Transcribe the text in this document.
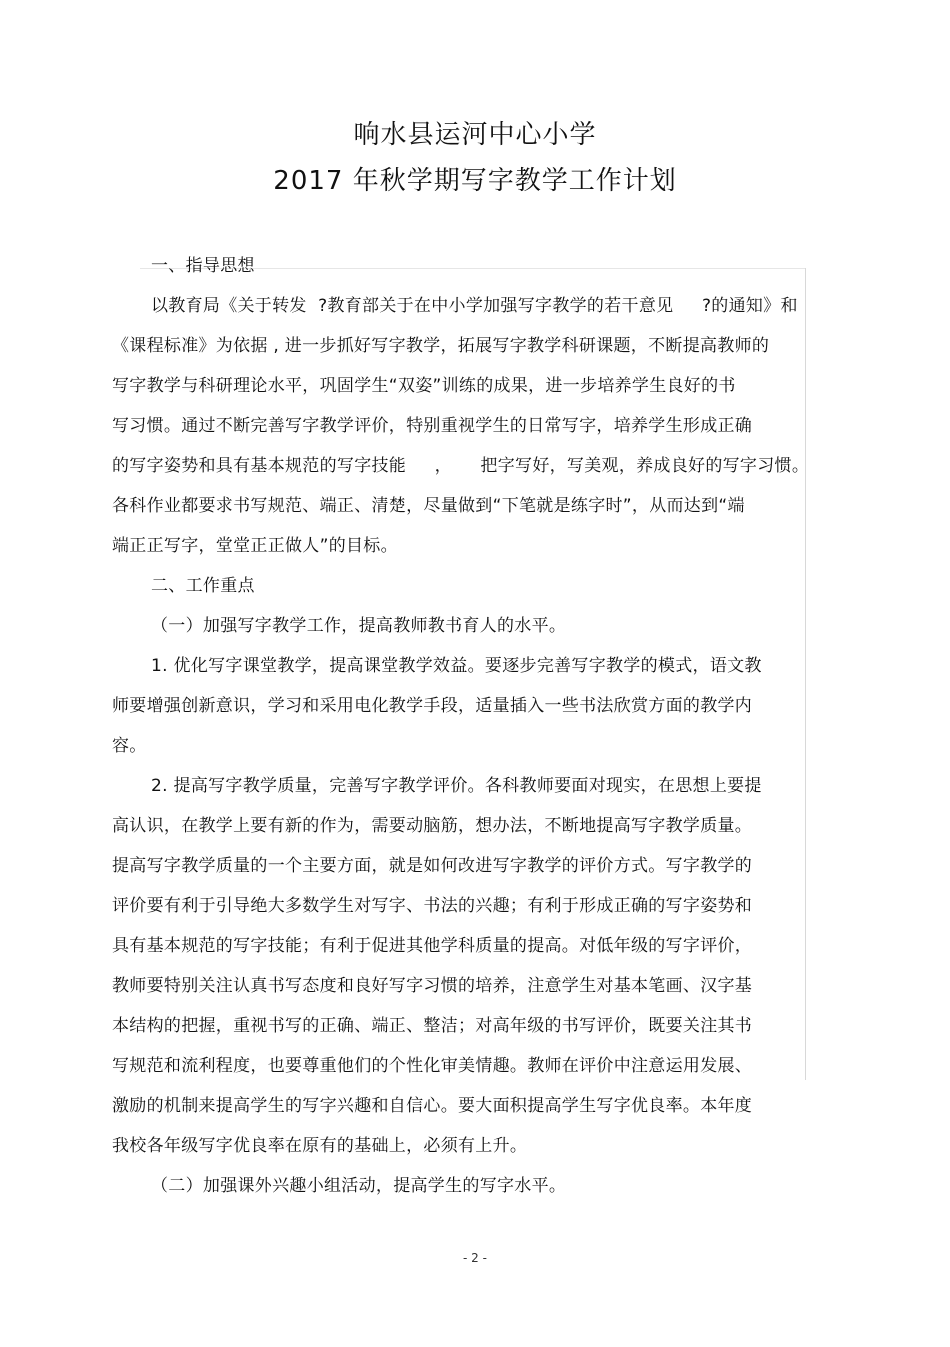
响水县运河中心小学
2017 年秋学期写字教学工作计划
一、指导思想
以教育局《关于转发  ?教育部关于在中小学加强写字教学的若干意见     ?的通知》和
《课程标准》为依据 , 进一步抓好写字教学，拓展写字教学科研课题，不断提高教师的
写字教学与科研理论水平，巩固学生“双姿”训练的成果，进一步培养学生良好的书
写习惯。通过不断完善写字教学评价，特别重视学生的日常写字，培养学生形成正确
的写字姿势和具有基本规范的写字技能     ，     把字写好，写美观，养成良好的写字习惯。
各科作业都要求书写规范、端正、清楚，尽量做到“下笔就是练字时”，从而达到“端
端正正写字，堂堂正正做人”的目标。
二、工作重点
（一）加强写字教学工作，提高教师教书育人的水平。
1. 优化写字课堂教学，提高课堂教学效益。要逐步完善写字教学的模式，语文教
师要增强创新意识，学习和采用电化教学手段，适量插入一些书法欣赏方面的教学内
容。
2. 提高写字教学质量，完善写字教学评价。各科教师要面对现实，在思想上要提
高认识，在教学上要有新的作为，需要动脑筋，想办法，不断地提高写字教学质量。
提高写字教学质量的一个主要方面，就是如何改进写字教学的评价方式。写字教学的
评价要有利于引导绝大多数学生对写字、书法的兴趣；有利于形成正确的写字姿势和
具有基本规范的写字技能；有利于促进其他学科质量的提高。对低年级的写字评价，
教师要特别关注认真书写态度和良好写字习惯的培养，注意学生对基本笔画、汉字基
本结构的把握，重视书写的正确、端正、整洁；对高年级的书写评价，既要关注其书
写规范和流利程度，也要尊重他们的个性化审美情趣。教师在评价中注意运用发展、
激励的机制来提高学生的写字兴趣和自信心。要大面积提高学生写字优良率。本年度
我校各年级写字优良率在原有的基础上，必须有上升。
（二）加强课外兴趣小组活动，提高学生的写字水平。
- 2 -
